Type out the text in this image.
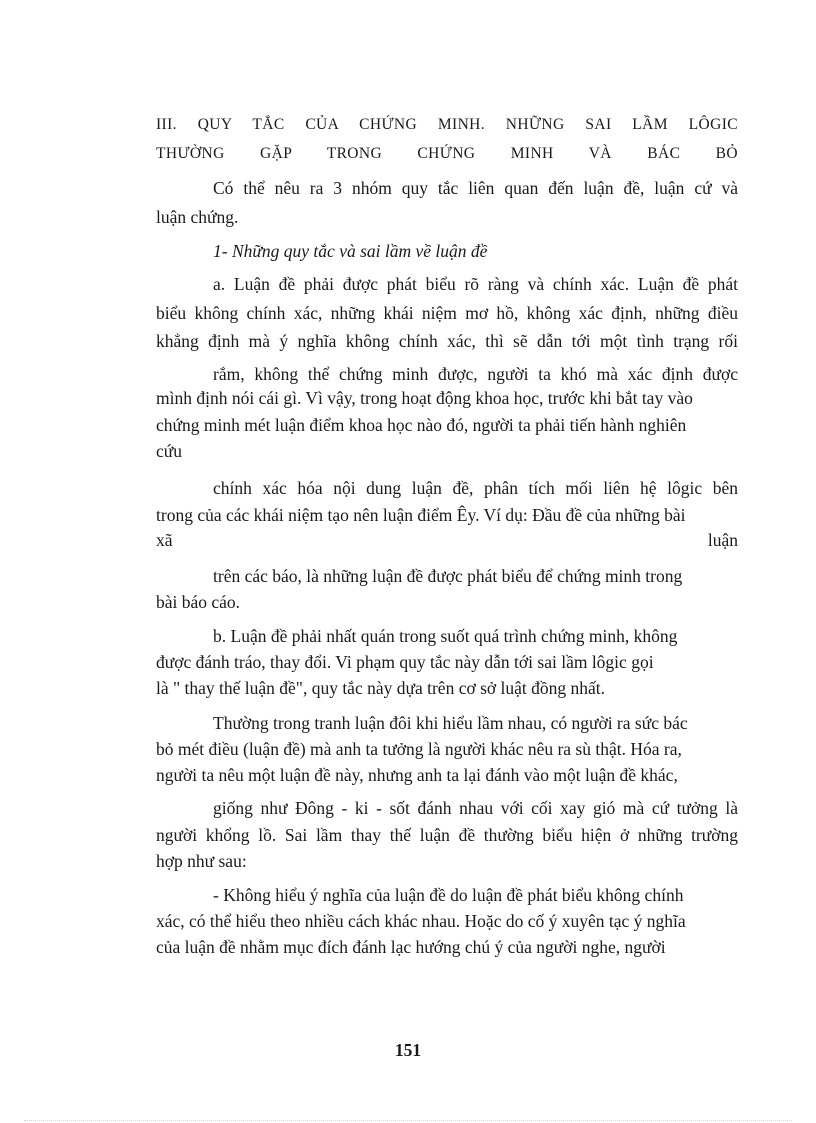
III. QUY TẮC CỦA CHỨNG MINH. NHỮNG SAI LẦM LÔGIC
THƯỜNG GẶP TRONG CHỨNG MINH VÀ BÁC BỎ
Có thể nêu ra 3 nhóm quy tắc liên quan đến luận đề, luận cứ và
luận chứng.
1- Những quy tắc và sai lầm về luận đề
a. Luận đề phải được phát biểu rõ ràng và chính xác. Luận đề phát
biểu không chính xác, những khái niệm mơ hồ, không xác định, những điều
khẳng định mà ý nghĩa không chính xác, thì sẽ dẫn tới một tình trạng rối
rắm, không thể chứng minh được, người ta khó mà xác định được
mình định nói cái gì. Vì vậy, trong hoạt động khoa học, trước khi bắt tay vào
chứng minh mét luận điểm khoa học nào đó, người ta phải tiến hành nghiên
cứu
chính xác hóa nội dung luận đề, phân tích mối liên hệ lôgic bên
trong của các khái niệm tạo nên luận điểm Êy. Ví dụ: Đầu đề của những bài
xã	luận
trên các báo, là những luận đề được phát biểu để chứng minh trong
bài báo cáo.
b. Luận đề phải nhất quán trong suốt quá trình chứng minh, không
được đánh tráo, thay đổi. Vi phạm quy tắc này dẫn tới sai lầm lôgic gọi
là " thay thế luận đề", quy tắc này dựa trên cơ sở luật đồng nhất.
Thường trong tranh luận đôi khi hiểu lầm nhau, có người ra sức bác
bỏ mét điều (luận đề) mà anh ta tưởng là người khác nêu ra sù thật. Hóa ra,
người ta nêu một luận đề này, nhưng anh ta lại đánh vào một luận đề khác,
giống như Đông - ki - sốt đánh nhau với cối xay gió mà cứ tưởng là
người khổng lồ. Sai lầm thay thế luận đề thường biểu hiện ở những trường
hợp như sau:
- Không hiểu ý nghĩa của luận đề do luận đề phát biểu không chính
xác, có thể hiểu theo nhiều cách khác nhau. Hoặc do cố ý xuyên tạc ý nghĩa
của luận đề nhằm mục đích đánh lạc hướng chú ý của người nghe, người
151
